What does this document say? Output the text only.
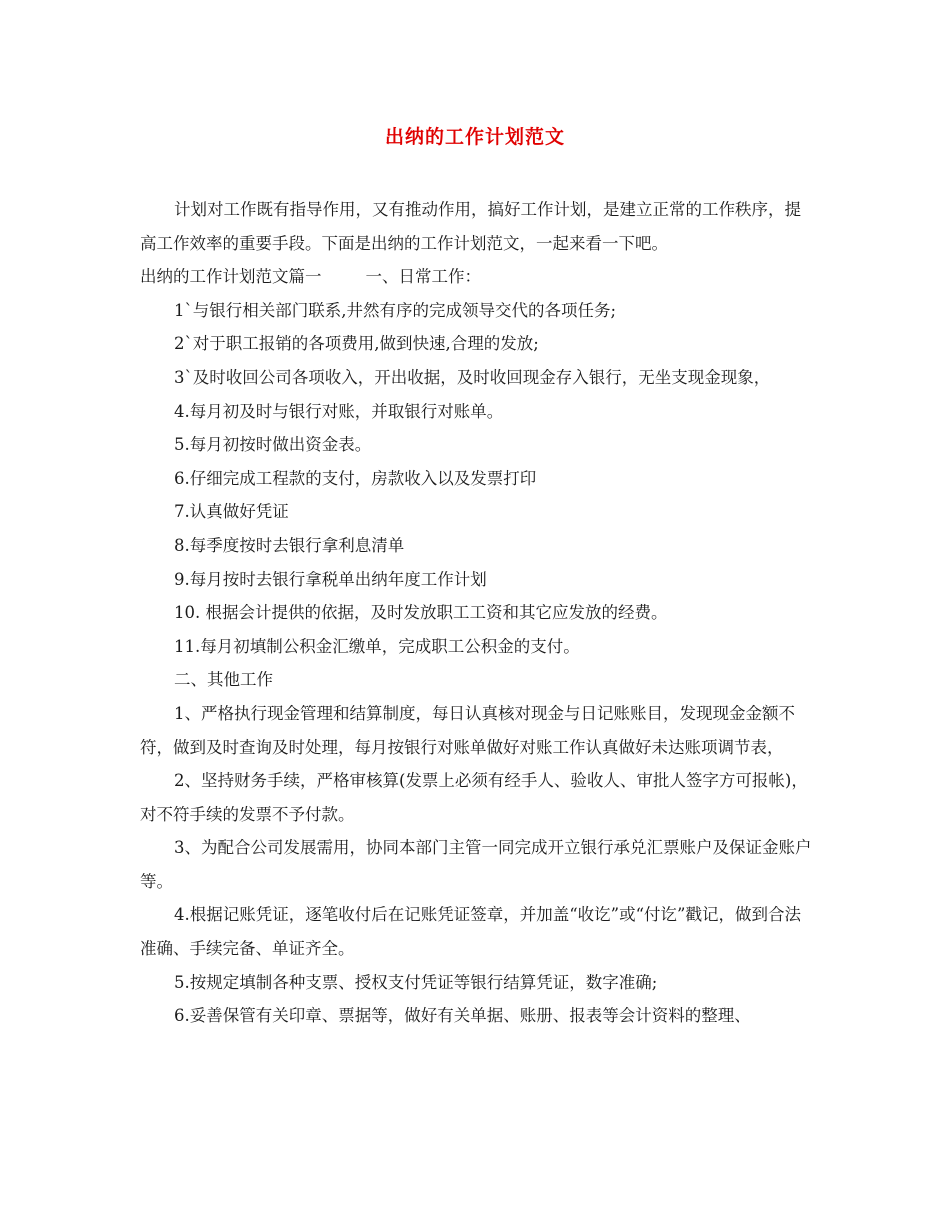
出纳的工作计划范文

计划对工作既有指导作用，又有推动作用，搞好工作计划，是建立正常的工作秩序，提高工作效率的重要手段。下面是出纳的工作计划范文，一起来看一下吧。

出纳的工作计划范文篇一	一、日常工作：

1`与银行相关部门联系,井然有序的完成领导交代的各项任务;

2`对于职工报销的各项费用,做到快速,合理的发放;

3`及时收回公司各项收入，开出收据，及时收回现金存入银行，无坐支现金现象，

4.每月初及时与银行对账，并取银行对账单。

5.每月初按时做出资金表。

6.仔细完成工程款的支付，房款收入以及发票打印

7.认真做好凭证

8.每季度按时去银行拿利息清单

9.每月按时去银行拿税单出纳年度工作计划

10. 根据会计提供的依据，及时发放职工工资和其它应发放的经费。

11.每月初填制公积金汇缴单，完成职工公积金的支付。

二、其他工作

1、严格执行现金管理和结算制度，每日认真核对现金与日记账账目，发现现金金额不符，做到及时查询及时处理，每月按银行对账单做好对账工作认真做好未达账项调节表，

2、坚持财务手续，严格审核算(发票上必须有经手人、验收人、审批人签字方可报帐)，对不符手续的发票不予付款。

3、为配合公司发展需用，协同本部门主管一同完成开立银行承兑汇票账户及保证金账户等。

4.根据记账凭证，逐笔收付后在记账凭证签章，并加盖“收讫”或“付讫”戳记，做到合法准确、手续完备、单证齐全。

5.按规定填制各种支票、授权支付凭证等银行结算凭证，数字准确;

6.妥善保管有关印章、票据等，做好有关单据、账册、报表等会计资料的整理、
